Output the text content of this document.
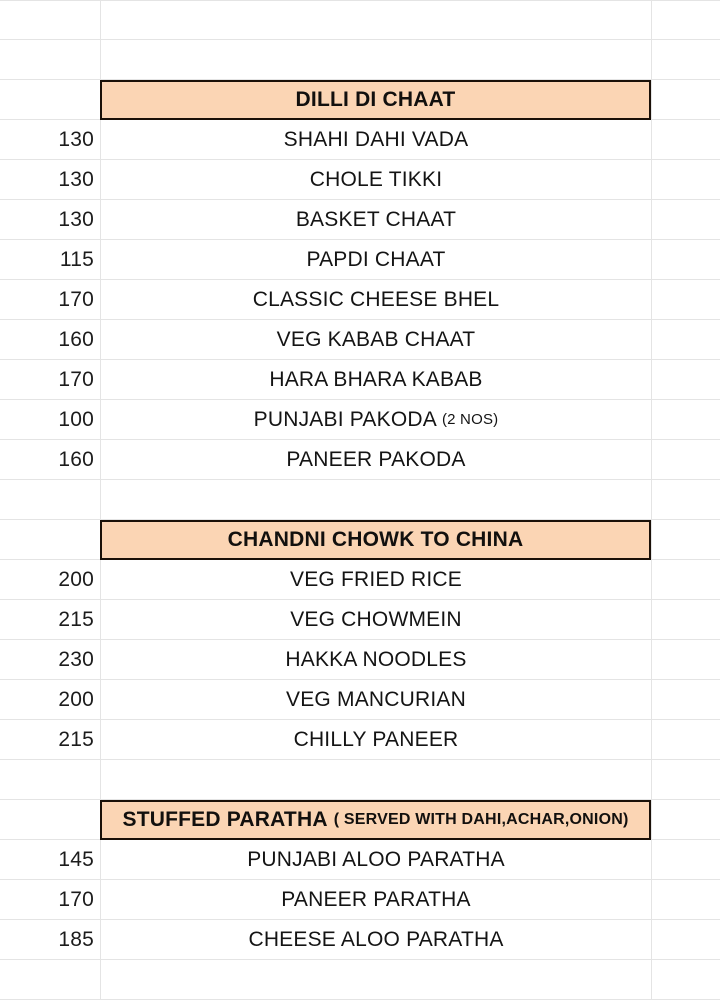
DILLI DI CHAAT
130	SHAHI DAHI VADA
130	CHOLE TIKKI
130	BASKET CHAAT
115	PAPDI CHAAT
170	CLASSIC CHEESE BHEL
160	VEG KABAB CHAAT
170	HARA BHARA KABAB
100	PUNJABI PAKODA (2 NOS)
160	PANEER PAKODA
CHANDNI CHOWK TO CHINA
200	VEG FRIED RICE
215	VEG CHOWMEIN
230	HAKKA NOODLES
200	VEG MANCURIAN
215	CHILLY PANEER
STUFFED PARATHA ( SERVED WITH DAHI,ACHAR,ONION)
145	PUNJABI ALOO PARATHA
170	PANEER PARATHA
185	CHEESE ALOO PARATHA
